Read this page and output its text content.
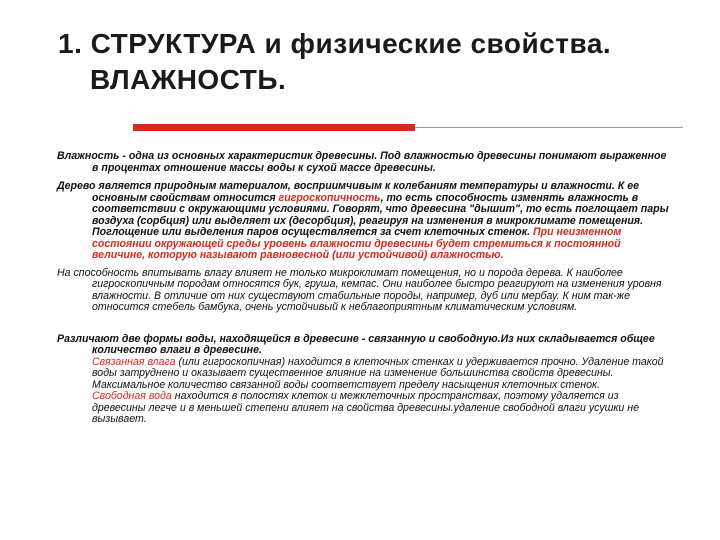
1. СТРУКТУРА и физические свойства.
ВЛАЖНОСТЬ.

Влажность - одна из основных характеристик древесины. Под влажностью древесины понимают выраженное в процентах отношение массы воды к сухой массе древесины.

Дерево является природным материалом, восприимчивым к колебаниям температуры и влажности. К ее основным свойствам относится гигроскопичность, то есть способность изменять влажность в соответствии с окружающими условиями. Говорят, что древесина "дышит", то есть поглощает пары воздуха (сорбция) или выделяет их (десорбция), реагируя на изменения в микроклимате помещения. Поглощение или выделения паров осуществляется за счет клеточных стенок. При неизменном состоянии окружающей среды уровень влажности древесины будет стремиться к постоянной величине, которую называют равновесной (или устойчивой) влажностью.

На способность впитывать влагу влияет не только микроклимат помещения, но и порода дерева. К наиболее гигроскопичным породам относятся бук, груша, кемпас. Они наиболее быстро реагируют на изменения уровня влажности. В отличие от них существуют стабильные породы, например, дуб или мербау. К ним так-же относится стебель бамбука, очень устойчивый к неблагоприятным климатическим условиям.

Различают две формы воды, находящейся в древесине - связанную и свободную.Из них складывается общее количество влаги в древесине.

Связанная влага (или гигроскопичная) находится в клеточных стенках и удерживается прочно. Удаление такой воды затруднено и оказывает существенное влияние на изменение большинства свойств древесины. Максимальное количество связанной воды соответствует пределу насыщения клеточных стенок.

Свободная вода находится в полостях клеток и межклеточных пространствах, поэтому удаляется из древесины легче и в меньшей степени влияет на свойства древесины.удаление свободной влаги усушки не вызывает.
